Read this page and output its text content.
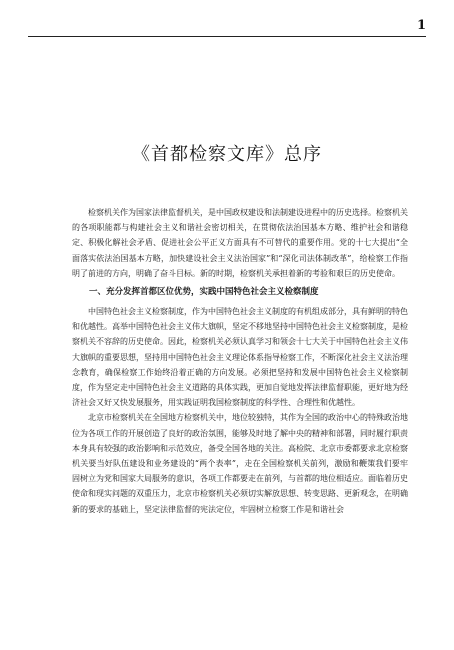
1
《首都检察文库》总序

检察机关作为国家法律监督机关，是中国政权建设和法制建设进程中的历史选择。检察机关的各项职能都与构建社会主义和谐社会密切相关，在贯彻依法治国基本方略、维护社会和谐稳定、积极化解社会矛盾、促进社会公平正义方面具有不可替代的重要作用。党的十七大提出“全面落实依法治国基本方略，加快建设社会主义法治国家”和“深化司法体制改革”，给检察工作指明了前进的方向，明确了奋斗目标。新的时期，检察机关承担着新的考验和艰巨的历史使命。

一、充分发挥首都区位优势，实践中国特色社会主义检察制度

中国特色社会主义检察制度，作为中国特色社会主义制度的有机组成部分，具有鲜明的特色和优越性。高举中国特色社会主义伟大旗帜，坚定不移地坚持中国特色社会主义检察制度，是检察机关不容辞的历史使命。因此，检察机关必须认真学习和领会十七大关于中国特色社会主义伟大旗帜的重要思想，坚持用中国特色社会主义理论体系指导检察工作，不断深化社会主义法治理念教育，确保检察工作始终沿着正确的方向发展。必须把坚持和发展中国特色社会主义检察制度，作为坚定走中国特色社会主义道路的具体实践，更加自觉地发挥法律监督职能，更好地为经济社会又好又快发展服务，用实践证明我国检察制度的科学性、合理性和优越性。

北京市检察机关在全国地方检察机关中，地位较独特，其作为全国的政治中心的特殊政治地位为各项工作的开展创造了良好的政治氛围，能够及时地了解中央的精神和部署，同时履行职责本身具有较强的政治影响和示范效应，备受全国各地的关注。高检院、北京市委都要求北京检察机关要当好队伍建设和业务建设的“两个表率”，走在全国检察机关前列，激励和鞭策我们要牢固树立为党和国家大局服务的意识，各项工作都要走在前列，与首都的地位相适应。面临着历史使命和现实问题的双重压力，北京市检察机关必须切实解放思想、转变思路、更新观念，在明确新的要求的基础上，坚定法律监督的宪法定位，牢固树立检察工作是和谐社会
